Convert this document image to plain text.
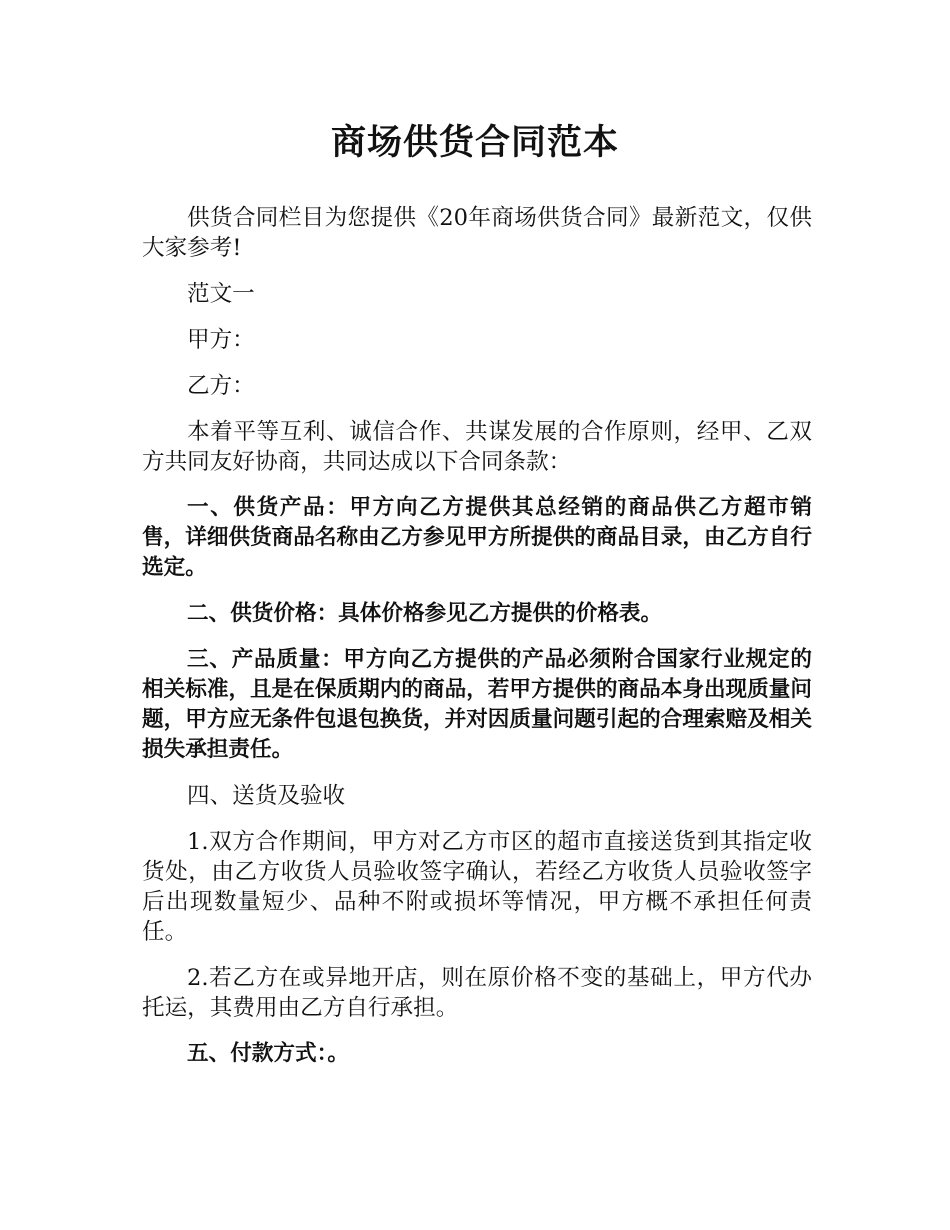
商场供货合同范本

供货合同栏目为您提供《20年商场供货合同》最新范文，仅供大家参考!

范文一

甲方：

乙方：

本着平等互利、诚信合作、共谋发展的合作原则，经甲、乙双方共同友好协商，共同达成以下合同条款：

一、供货产品：甲方向乙方提供其总经销的商品供乙方超市销售，详细供货商品名称由乙方参见甲方所提供的商品目录，由乙方自行选定。

二、供货价格：具体价格参见乙方提供的价格表。

三、产品质量：甲方向乙方提供的产品必须附合国家行业规定的相关标准，且是在保质期内的商品，若甲方提供的商品本身出现质量问题，甲方应无条件包退包换货，并对因质量问题引起的合理索赔及相关损失承担责任。

四、送货及验收

1.双方合作期间，甲方对乙方市区的超市直接送货到其指定收货处，由乙方收货人员验收签字确认，若经乙方收货人员验收签字后出现数量短少、品种不附或损坏等情况，甲方概不承担任何责任。

2.若乙方在或异地开店，则在原价格不变的基础上，甲方代办托运，其费用由乙方自行承担。

五、付款方式：。
